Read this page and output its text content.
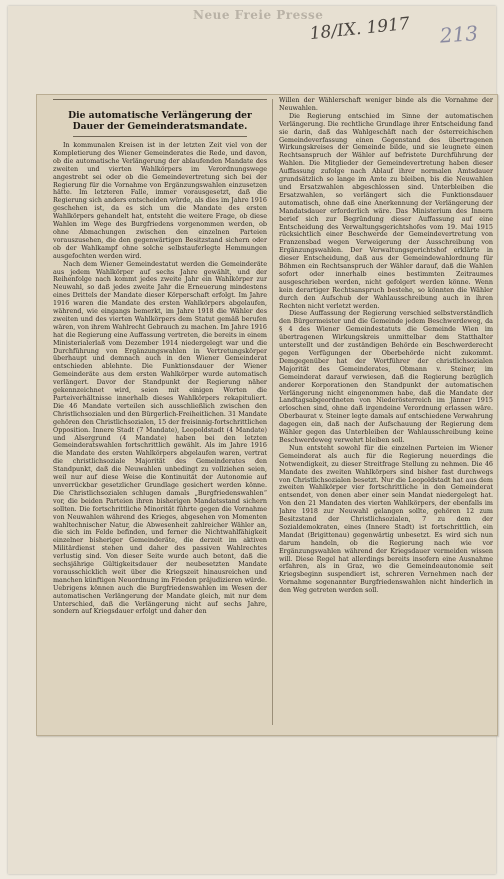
Neue Freie Presse
18/IX. 1917 213
Die automatische Verlängerung der Dauer der Gemeinderatsmandate.

In kommunalen Kreisen ist in der letzten Zeit viel von der Kompletierung des Wiener Gemeinderates die Rede, und davon, ob die automatische Verlängerung der ablaufenden Mandate des zweiten und vierten Wahlkörpers im Verordnungswege angestrebt sei oder ob die Gemeindevertretung sich bei der Regierung für die Vornahme von Ergänzungswahlen einzusetzen hätte. Im letzteren Falle, immer vorausgesetzt, daß die Regierung sich anders entscheiden würde, als dies im Jahre 1916 geschehen ist, da es sich um die Mandate des ersten Wahlkörpers gehandelt hat, entsteht die weitere Frage, ob diese Wahlen im Wege des Burgfriedens vorgenommen werden, ob ohne Abmachungen zwischen den einzelnen Parteien vorauszusehen, die den gegenwärtigen Besitzstand sichern oder ob der Wahlkampf ohne solche selbstauferlegte Hemmungen ausgefochten werden wird.

Nach dem Wiener Gemeindestatut werden die Gemeinderäte aus jedem Wahlkörper auf sechs Jahre gewählt, und der Reihenfolge nach kommt jedes zweite Jahr ein Wahlkörper zur Neuwahl, so daß jedes zweite Jahr die Erneuerung mindestens eines Drittels der Mandate dieser Körperschaft erfolgt. Im Jahre 1916 waren die Mandate des ersten Wahlkörpers abgelaufen, während, wie eingangs bemerkt, im Jahre 1918 die Wähler des zweiten und des vierten Wahlkörpers dem Statut gemäß berufen wären, von ihrem Wahlrecht Gebrauch zu machen. Im Jahre 1916 hat die Regierung eine Auffassung vertreten, die bereits in einem Ministerialerlaß vom Dezember 1914 niedergelegt war und die Durchführung von Ergänzungswahlen in Vertretungskörper überhaupt und demnach auch in den Wiener Gemeinderat entschieden ablehnte. Die Funktionsdauer der Wiener Gemeinderäte aus dem ersten Wahlkörper wurde automatisch verlängert. Davor der Standpunkt der Regierung näher gekennzeichnet wird, seien mit einigen Worten die Parteiverhältnisse innerhalb dieses Wahlkörpers rekapituliert. Die 46 Mandate verteilen sich ausschließlich zwischen den Christlichsozialen und den Bürgerlich-Freiheitlichen. 31 Mandate gehören den Christlichsozialen, 15 der freisinnig-fortschrittlichen Opposition. Innere Stadt (7 Mandate), Leopoldstadt (4 Mandate) und Alsergrund (4 Mandate) haben bei den letzten Gemeinderatswahlen fortschrittlich gewählt. Als im Jahre 1916 die Mandate des ersten Wahlkörpers abgelaufen waren, vertrat die christlichsoziale Majorität des Gemeinderates den Standpunkt, daß die Neuwahlen unbedingt zu vollziehen seien, weil nur auf diese Weise die Kontinuität der Autonomie auf unverrückbar gesetzlicher Grundlage gesichert werden könne. Die Christlichsozialen schlugen damals „Burgfriedenswahlen“ vor, die beiden Parteien ihren bisherigen Mandatsstand sichern sollten. Die fortschrittliche Minorität führte gegen die Vornahme von Neuwahlen während des Krieges, abgesehen von Momenten wahltechnischer Natur, die Abwesenheit zahlreicher Wähler an, die sich im Felde befinden, und ferner die Nichtwahlfähigkeit einzelner bisheriger Gemeinderäte, die derzeit im aktiven Militärdienst stehen und daher des passiven Wahlrechtes verlustig sind. Von dieser Seite wurde auch betont, daß die sechsjährige Gültigkeitsdauer der neubesetzten Mandate vorausschicklich weit über die Kriegszeit hinausreichen und manchen künftigen Neuordnung im Frieden präjudizieren würde. Uebrigens können auch die Burgfriedenswahlen im Wesen der automatischen Verlängerung der Mandate gleich, mit nur dem Unterschied, daß die Verlängerung nicht auf sechs Jahre, sondern auf Kriegsdauer erfolgt und daher den

Willen der Wählerschaft weniger binde als die Vornahme der Neuwahlen.

Die Regierung entschied im Sinne der automatischen Verlängerung. Die rechtliche Grundlage ihrer Entscheidung fand sie darin, daß das Wahlgeschäft nach der österreichischen Gemeindeverfassung einen Gegenstand des übertragenen Wirkungskreises der Gemeinde bilde, und sie leugnete einen Rechtsanspruch der Wähler auf befristete Durchführung der Wahlen. Die Mitglieder der Gemeindevertretung haben dieser Auffassung zufolge nach Ablauf ihrer normalen Amtsdauer grundsätzlich so lange im Amte zu bleiben, bis die Neuwahlen und Ersatzwahlen abgeschlossen sind. Unterbleiben die Ersatzwahlen, so verlängert sich die Funktionsdauer automatisch, ohne daß eine Anerkennung der Verlängerung der Mandatsdauer erforderlich wäre. Das Ministerium des Innern berief sich zur Begründung dieser Auffassung auf eine Entscheidung des Verwaltungsgerichtshofes vom 19. Mai 1915 rücksichtlich einer Beschwerde der Gemeindevertretung von Franzensbad wegen Verweigerung der Ausschreibung von Ergänzungswahlen. Der Verwaltungsgerichtshof erklärte in dieser Entscheidung, daß aus der Gemeindewahlordnung für Böhmen ein Rechtsanspruch der Wähler darauf, daß die Wahlen sofort oder innerhalb eines bestimmten Zeitraumes ausgeschrieben werden, nicht gefolgert werden könne. Wenn kein derartiger Rechtsanspruch bestehe, so könnten die Wähler durch den Aufschub der Wahlausschreibung auch in ihren Rechten nicht verletzt werden.

Diese Auffassung der Regierung verschied selbstverständlich den Bürgermeister und die Gemeinde jedem Beschwerdeweg, da § 4 des Wiener Gemeindestatuts die Gemeinde Wien im übertragenen Wirkungskreis unmittelbar dem Statthalter unterstellt und der zuständigen Behörde ein Beschwerderecht gegen Verfügungen der Oberbehörde nicht zukommt. Demgegenüber hat der Wortführer der christlichsozialen Majorität des Gemeinderates, Obmann v. Steiner, im Gemeinderat darauf verwiesen, daß die Regierung bezüglich anderer Korporationen den Standpunkt der automatischen Verlängerung nicht eingenommen habe, daß die Mandate der Landtagsabgeordneten von Niederösterreich im Jänner 1915 erloschen sind, ohne daß irgendeine Verordnung erlassen wäre. Oberbaurat v. Steiner legte damals auf entschiedene Verwahrung dagegen ein, daß nach der Aufschauung der Regierung dem Wähler gegen das Unterbleiben der Wahlausschreibung keine Beschwerdeweg verwehrt bleiben soll.

Nun entsteht sowohl für die einzelnen Parteien im Wiener Gemeinderat als auch für die Regierung neuerdings die Notwendigkeit, zu dieser Streitfrage Stellung zu nehmen. Die 46 Mandate des zweiten Wahlkörpers sind bisher fast durchwegs von Christlichsozialen besetzt. Nur die Leopoldstadt hat aus dem zweiten Wahlkörper vier fortschrittliche in den Gemeinderat entsendet, von denen aber einer sein Mandat niedergelegt hat. Von den 21 Mandaten des vierten Wahlkörpers, der ebenfalls im Jahre 1918 zur Neuwahl gelangen sollte, gehören 12 zum Besitzstand der Christlichsozialen, 7 zu dem der Sozialdemokraten, eines (Innere Stadt) ist fortschrittlich, ein Mandat (Brigittenau) gegenwärtig unbesetzt. Es wird sich nun darum handeln, ob die Regierung nach wie vor Ergänzungswahlen während der Kriegsdauer vermeiden wissen will. Diese Regel hat allerdings bereits insofern eine Ausnahme erfahren, als in Graz, wo die Gemeindeautonomie seit Kriegsbeginn suspendiert ist, schreren Vernehmen nach der Vornahme sogenannter Burgfriedenswahlen nicht hinderlich in den Weg getreten werden soll.
